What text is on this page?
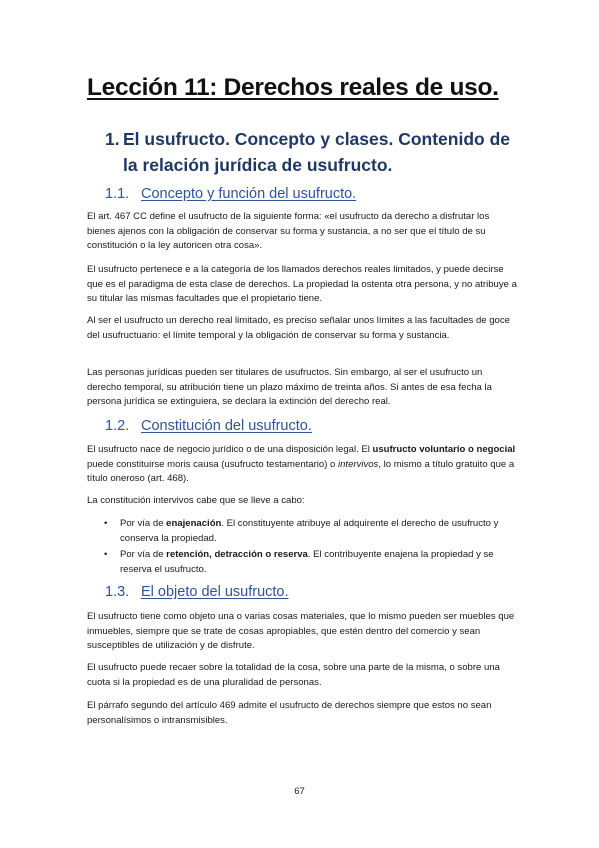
Lección 11: Derechos reales de uso.
1. El usufructo. Concepto y clases. Contenido de la relación jurídica de usufructo.
1.1. Concepto y función del usufructo.

El art. 467 CC define el usufructo de la siguiente forma: «el usufructo da derecho a disfrutar los bienes ajenos con la obligación de conservar su forma y sustancia, a no ser que el título de su constitución o la ley autoricen otra cosa».

El usufructo pertenece e a la categoría de los llamados derechos reales limitados, y puede decirse que es el paradigma de esta clase de derechos. La propiedad la ostenta otra persona, y no atribuye a su titular las mismas facultades que el propietario tiene.

Al ser el usufructo un derecho real limitado, es preciso señalar unos límites a las facultades de goce del usufructuario: el límite temporal y la obligación de conservar su forma y sustancia.

Las personas jurídicas pueden ser titulares de usufructos. Sin embargo, al ser el usufructo un derecho temporal, su atribución tiene un plazo máximo de treinta años. Si antes de esa fecha la persona jurídica se extinguiera, se declara la extinción del derecho real.

1.2. Constitución del usufructo.

El usufructo nace de negocio jurídico o de una disposición legal. El usufructo voluntario o negocial puede constituirse moris causa (usufructo testamentario) o intervivos, lo mismo a título gratuito que a título oneroso (art. 468).

La constitución intervivos cabe que se lleve a cabo:

• Por vía de enajenación. El constituyente atribuye al adquirente el derecho de usufructo y conserva la propiedad.
• Por vía de retención, detracción o reserva. El contribuyente enajena la propiedad y se reserva el usufructo.
1.3. El objeto del usufructo.

El usufructo tiene como objeto una o varias cosas materiales, que lo mismo pueden ser muebles que inmuebles, siempre que se trate de cosas apropiables, que estén dentro del comercio y sean susceptibles de utilización y de disfrute.

El usufructo puede recaer sobre la totalidad de la cosa, sobre una parte de la misma, o sobre una cuota si la propiedad es de una pluralidad de personas.

El párrafo segundo del artículo 469 admite el usufructo de derechos siempre que estos no sean personalísimos o intransmisibles.

67
